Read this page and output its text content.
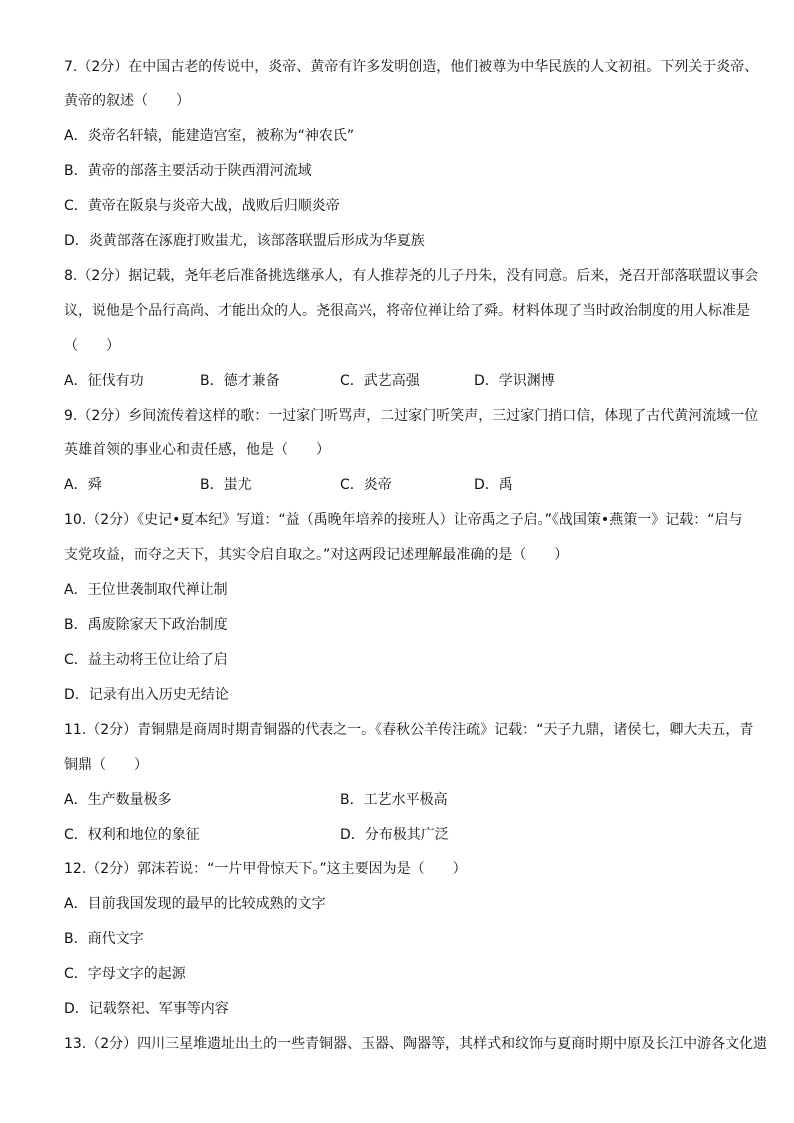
7.（2分）在中国古老的传说中，炎帝、黄帝有许多发明创造，他们被尊为中华民族的人文初祖。下列关于炎帝、
黄帝的叙述（　　）
A．炎帝名轩辕，能建造宫室，被称为“神农氏”
B．黄帝的部落主要活动于陕西渭河流域
C．黄帝在阪泉与炎帝大战，战败后归顺炎帝
D．炎黄部落在涿鹿打败蚩尤，该部落联盟后形成为华夏族
8.（2分）据记载，尧年老后准备挑选继承人，有人推荐尧的儿子丹朱，没有同意。后来，尧召开部落联盟议事会
议，说他是个品行高尚、才能出众的人。尧很高兴，将帝位禅让给了舜。材料体现了当时政治制度的用人标准是
（　　）
A．征伐有功	B．德才兼备	C．武艺高强	D．学识渊博
9.（2分）乡间流传着这样的歌：一过家门听骂声，二过家门听笑声，三过家门捎口信，体现了古代黄河流域一位
英雄首领的事业心和责任感，他是（　　）
A．舜	B．蚩尤	C．炎帝	D．禹
10.（2分）《史记•夏本纪》写道：“益（禹晚年培养的接班人）让帝禹之子启。”《战国策•燕策一》记载：“启与
支党攻益，而夺之天下，其实令启自取之。”对这两段记述理解最准确的是（　　）
A．王位世袭制取代禅让制
B．禹废除家天下政治制度
C．益主动将王位让给了启
D．记录有出入历史无结论
11.（2分）青铜鼎是商周时期青铜器的代表之一。《春秋公羊传注疏》记载：“天子九鼎，诸侯七，卿大夫五，青
铜鼎（　　）
A．生产数量极多	B．工艺水平极高
C．权利和地位的象征	D．分布极其广泛
12.（2分）郭沫若说：“一片甲骨惊天下。”这主要因为是（　　）
A．目前我国发现的最早的比较成熟的文字
B．商代文字
C．字母文字的起源
D．记载祭祀、军事等内容
13.（2分）四川三星堆遗址出土的一些青铜器、玉器、陶器等，其样式和纹饰与夏商时期中原及长江中游各文化遗
